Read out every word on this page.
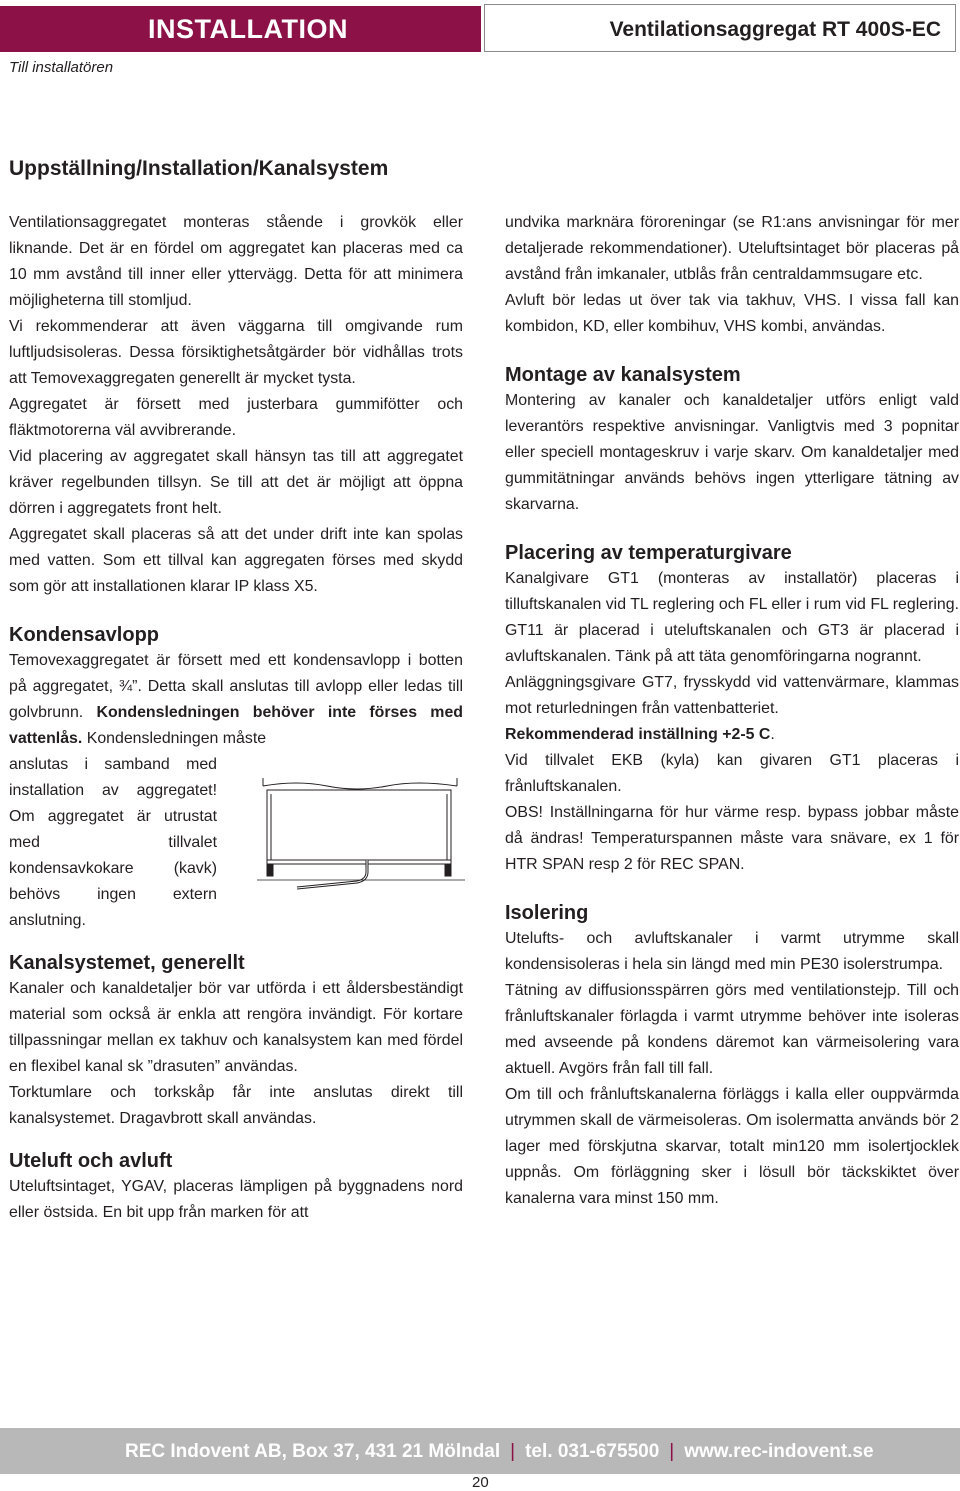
INSTALLATION	Ventilationsaggregat RT 400S-EC
Till installatören
Uppställning/Installation/Kanalsystem

Ventilationsaggregatet monteras stående i grovkök eller liknande. Det är en fördel om aggregatet kan placeras med ca 10 mm avstånd till inner eller yttervägg. Detta för att minimera möjligheterna till stomljud.

Vi rekommenderar att även väggarna till omgivande rum luftljudsisoleras. Dessa försiktighetsåtgärder bör vidhållas trots att Temovexaggregaten generellt är mycket tysta.

Aggregatet är försett med justerbara gummifötter och fläktmotorerna väl avvibrerande.

Vid placering av aggregatet skall hänsyn tas till att aggregatet kräver regelbunden tillsyn. Se till att det är möjligt att öppna dörren i aggregatets front helt.

Aggregatet skall placeras så att det under drift inte kan spolas med vatten. Som ett tillval kan aggregaten förses med skydd som gör att installationen klarar IP klass X5.

Kondensavlopp

Temovexaggregatet är försett med ett kondensavlopp i botten på aggregatet, ¾”. Detta skall anslutas till avlopp eller ledas till golvbrunn. Kondensledningen behöver inte förses med vattenlås. Kondensledningen måste

anslutas i samband med installation av aggregatet! Om aggregatet är utrustat med tillvalet kondensavkokare (kavk) behövs ingen extern anslutning.

Kanalsystemet, generellt

Kanaler och kanaldetaljer bör var utförda i ett åldersbeständigt material som också är enkla att rengöra invändigt. För kortare tillpassningar mellan ex takhuv och kanalsystem kan med fördel en flexibel kanal sk ”drasuten” användas.

Torktumlare och torkskåp får inte anslutas direkt till kanalsystemet. Dragavbrott skall användas.

Uteluft och avluft

Uteluftsintaget, YGAV, placeras lämpligen på byggnadens nord eller östsida. En bit upp från marken för att

undvika marknära föroreningar (se R1:ans anvisningar för mer detaljerade rekommendationer). Uteluftsintaget bör placeras på avstånd från imkanaler, utblås från centraldammsugare etc.

Avluft bör ledas ut över tak via takhuv, VHS. I vissa fall kan kombidon, KD, eller kombihuv, VHS kombi, användas.

Montage av kanalsystem

Montering av kanaler och kanaldetaljer utförs enligt vald leverantörs respektive anvisningar. Vanligtvis med 3 popnitar eller speciell montageskruv i varje skarv. Om kanaldetaljer med gummitätningar används behövs ingen ytterligare tätning av skarvarna.

Placering av temperaturgivare

Kanalgivare GT1 (monteras av installatör) placeras i tilluftskanalen vid TL reglering och FL eller i rum vid FL reglering. GT11 är placerad i uteluftskanalen och GT3 är placerad i avluftskanalen. Tänk på att täta genomföringarna nogrannt.

Anläggningsgivare GT7, frysskydd vid vattenvärmare, klammas mot returledningen från vattenbatteriet.

Rekommenderad inställning +2-5 C.

Vid tillvalet EKB (kyla) kan givaren GT1 placeras i frånluftskanalen.

OBS! Inställningarna för hur värme resp. bypass jobbar måste då ändras! Temperaturspannen måste vara snävare, ex 1 för HTR SPAN resp 2 för REC SPAN.

Isolering

Utelufts- och avluftskanaler i varmt utrymme skall kondensisoleras i hela sin längd med min PE30 isolerstrumpa.

Tätning av diffusionsspärren görs med ventilationstejp. Till och frånluftskanaler förlagda i varmt utrymme behöver inte isoleras med avseende på kondens däremot kan värmeisolering vara aktuell. Avgörs från fall till fall.

Om till och frånluftskanalerna förläggs i kalla eller ouppvärmda utrymmen skall de värmeisoleras. Om isolermatta används bör 2 lager med förskjutna skarvar, totalt min120 mm isolertjocklek uppnås. Om förläggning sker i lösull bör täckskiktet över kanalerna vara minst 150 mm.

REC Indovent AB, Box 37, 431 21 Mölndal | tel. 031-675500 | www.rec-indovent.se
20
